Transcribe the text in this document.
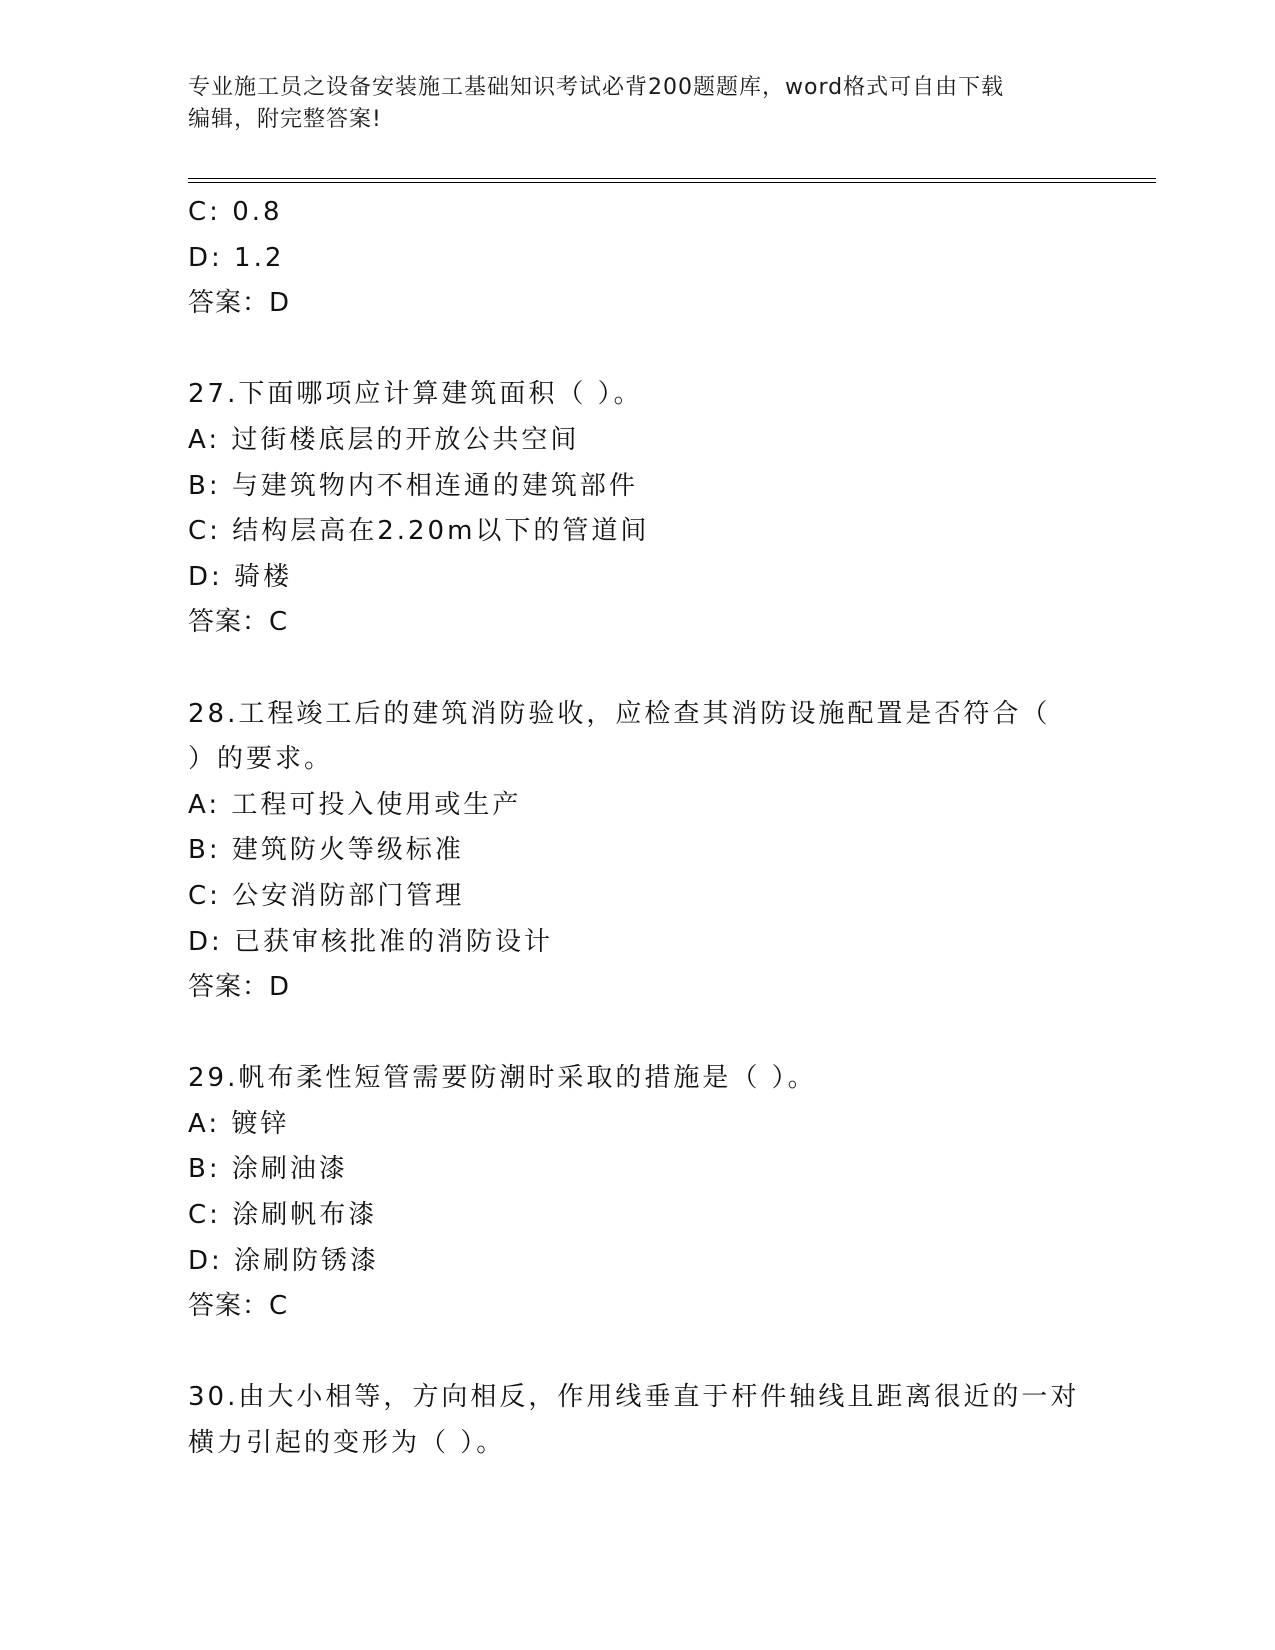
专业施工员之设备安装施工基础知识考试必背200题题库，word格式可自由下载
编辑，附完整答案!
C: 0.8
D: 1.2
答案：D
27.下面哪项应计算建筑面积（ ）。
A: 过街楼底层的开放公共空间
B: 与建筑物内不相连通的建筑部件
C: 结构层高在2.20m以下的管道间
D: 骑楼
答案：C
28.工程竣工后的建筑消防验收，应检查其消防设施配置是否符合（
）的要求。
A: 工程可投入使用或生产
B: 建筑防火等级标准
C: 公安消防部门管理
D: 已获审核批准的消防设计
答案：D
29.帆布柔性短管需要防潮时采取的措施是（ ）。
A: 镀锌
B: 涂刷油漆
C: 涂刷帆布漆
D: 涂刷防锈漆
答案：C
30.由大小相等，方向相反，作用线垂直于杆件轴线且距离很近的一对
横力引起的变形为（ ）。
